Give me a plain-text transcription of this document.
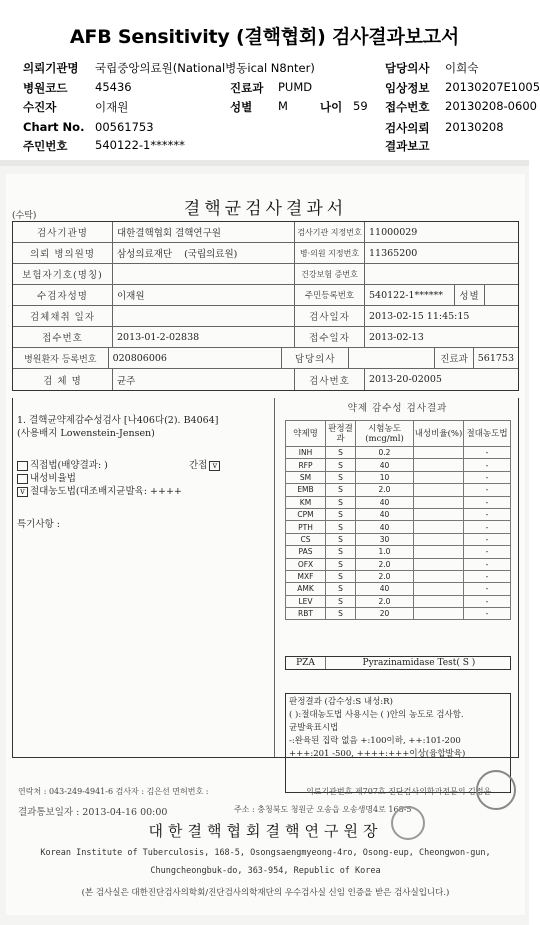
AFB Sensitivity (결핵협회) 검사결과보고서
의뢰기관명 국립중앙의료원(National병동ical N8nter)	담당의사 이희숙
병원코드 45436	진료과 PUMD	임상정보 20130207E1005
수진자	이재원	성별 M	나이 59 접수번호 20130208-0600
Chart No. 00561753	검사의뢰 20130208
주민번호 540122-1******	결과보고
(수탁)	결핵균검사결과서
검사기관명	대한결핵협회 결핵연구원	검사기관 지정번호 11000029
의뢰 병의원명	삼성의료재단 (국립의료원)	병·의원 지정번호	11365200
보험자기호(명칭)	건강보험 증번호
수검자성명	이재원	주민등록번호	540122-1******	성별
검체채취 일자	검사일자	2013-02-15 11:45:15
접수번호	2013-01-2-02838	접수일자	2013-02-13
병원환자 등록번호	020806006	담당의사	진료과	561753
검 체 명	균주	검사번호	2013-20-02005
1. 결핵균약제감수성검사 [나406다(2). B4064]
(사용배지 Lowenstein-Jensen)
직접법(배양결과: )	간접 v
내성비율법
v 절대농도법(대조배지균발육: ++++
특기사항 :
약제 감수성 검사결과
약제명	판정결과	시험농도(mcg/ml)	내성비율(%)	절대농도법
INH	S	0.2		-
RFP	S	40		-
SM	S	10		-
EMB	S	2.0		-
KM	S	40		-
CPM	S	40		-
PTH	S	40		-
CS	S	30		-
PAS	S	1.0		-
OFX	S	2.0		-
MXF	S	2.0		-
AMK	S	40		-
LEV	S	2.0		-
RBT	S	20		-
PZA	Pyrazinamidase Test( S )
판정결과 (감수성:S 내성:R)
( ):절대농도법 사용시는 ( )안의 농도로 검사함.
균발육표시법
-:완육된 집락 없음 +:100이하, ++:101-200
+++:201 -500, ++++:+++이상(융합발육)
연락처 : 043-249-4941-6 검사자 : 김은선 면허번호 :	의료기관번호 제707호 진단검사의학과전문의 김정윤
결과통보일자 : 2013-04-16 00:00	주소 : 충청북도 청원군 오송읍 오송생명4로 168-5
대한결핵협회결핵연구원장
Korean Institute of Tuberculosis, 168-5, Osongsaengmyeong-4ro, Osong-eup, Cheongwon-gun,
Chungcheongbuk-do, 363-954, Republic of Korea
(본 검사실은 대한진단검사의학회/진단검사의학재단의 우수검사실 신임 인증을 받은 검사실입니다.)
